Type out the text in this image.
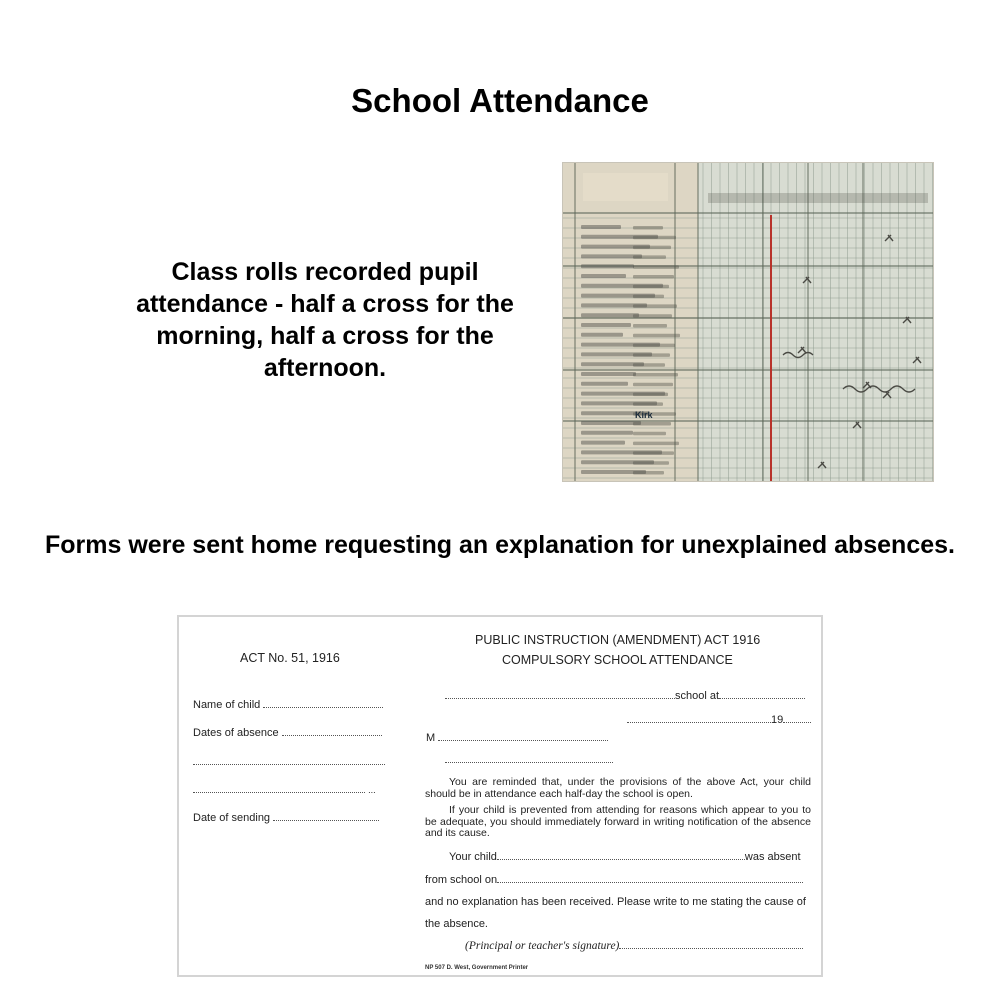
School Attendance
Class rolls recorded pupil attendance - half a cross for the morning, half a cross for the afternoon.
Kirk
Forms were sent home requesting an explanation for unexplained absences.
ACT No. 51, 1916
Name of child
Dates of absence
...
Date of sending
PUBLIC INSTRUCTION (AMENDMENT) ACT 1916
COMPULSORY SCHOOL ATTENDANCE
school at
19
M
You are reminded that, under the provisions of the above Act, your child should be in attendance each half-day the school is open.
If your child is prevented from attending for reasons which appear to you to be adequate, you should immediately forward in writing notification of the absence and its cause.
Your child	was absent
from school on
and no explanation has been received. Please write to me stating the cause of
the absence.
(Principal or teacher's signature)
NP 507 D. West, Government Printer
